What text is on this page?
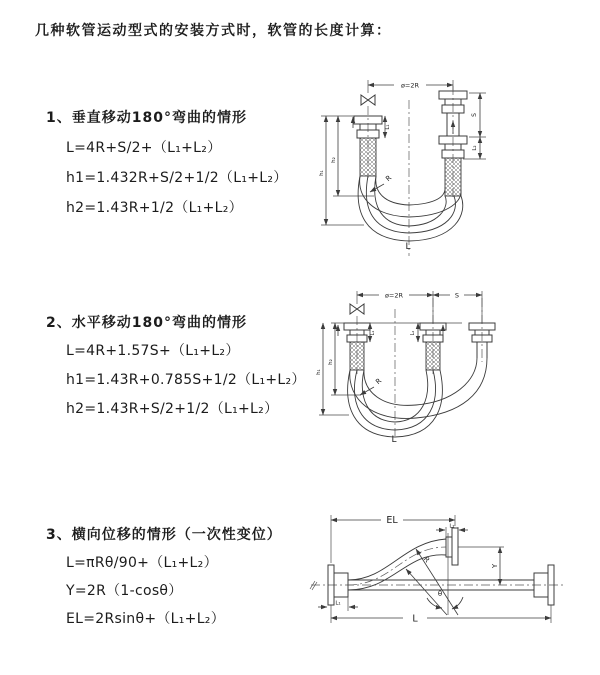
几种软管运动型式的安装方式时，软管的长度计算：
1、垂直移动180°弯曲的情形
L=4R+S/2+（L₁+L₂）
h1=1.432R+S/2+1/2（L₁+L₂）
h2=1.43R+1/2（L₁+L₂）
2、水平移动180°弯曲的情形
L=4R+1.57S+（L₁+L₂）
h1=1.43R+0.785S+1/2（L₁+L₂）
h2=1.43R+S/2+1/2（L₁+L₂）
3、横向位移的情形（一次性变位）
L=πRθ/90+（L₁+L₂）
Y=2R（1-cosθ）
EL=2Rsinθ+（L₁+L₂）
ø=2R
L₁
S
L₂
h₁
h₂
R
L
ø=2R	S
L₁	L₂
h₁
h₂
R
L
EL
L₂
Y
R
θ
L
L₁
